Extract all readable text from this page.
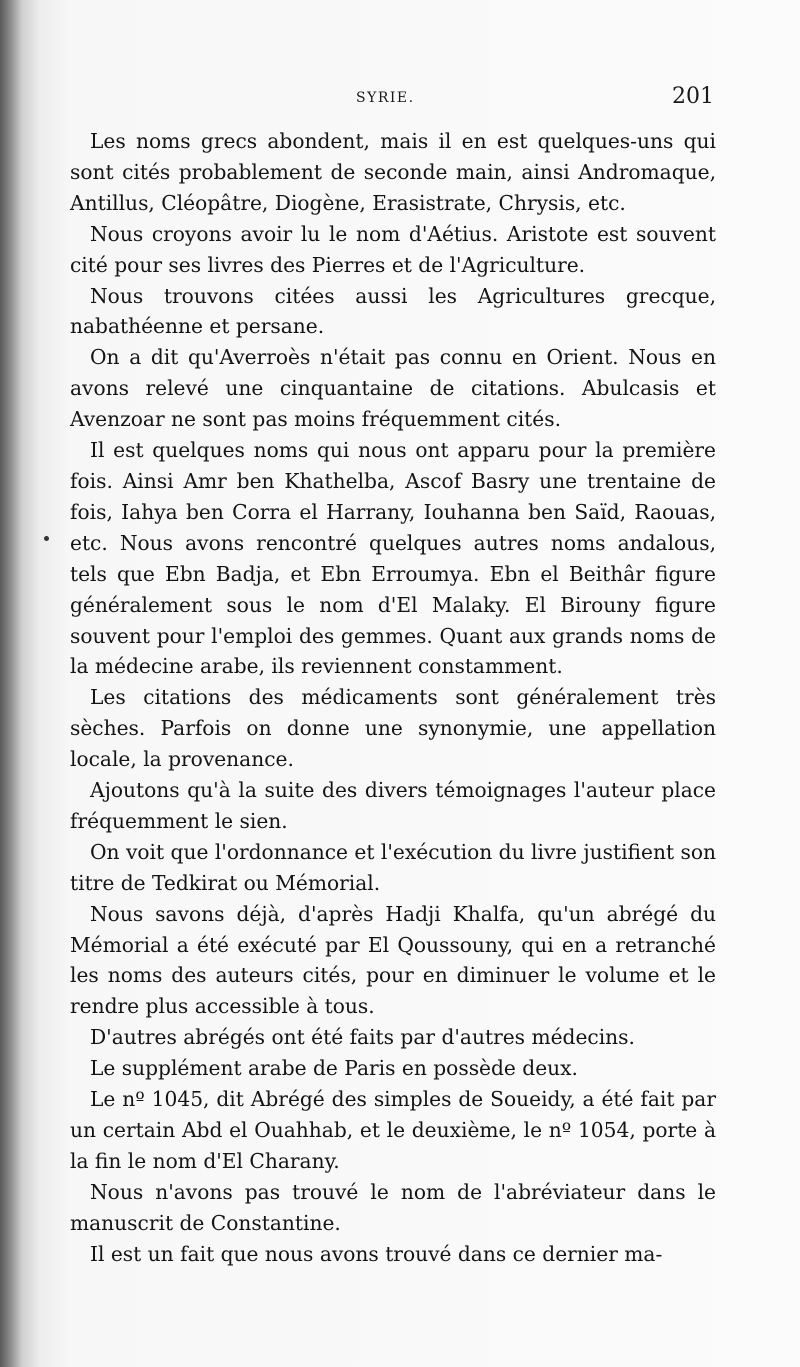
SYRIE.	201

Les noms grecs abondent, mais il en est quelques-uns qui sont cités probablement de seconde main, ainsi Andromaque, Antillus, Cléopâtre, Diogène, Erasistrate, Chrysis, etc.

Nous croyons avoir lu le nom d'Aétius. Aristote est souvent cité pour ses livres des Pierres et de l'Agriculture.

Nous trouvons citées aussi les Agricultures grecque, nabathéenne et persane.

On a dit qu'Averroès n'était pas connu en Orient. Nous en avons relevé une cinquantaine de citations. Abulcasis et Avenzoar ne sont pas moins fréquemment cités.

Il est quelques noms qui nous ont apparu pour la première fois. Ainsi Amr ben Khathelba, Ascof Basry une trentaine de fois, Iahya ben Corra el Harrany, Iouhanna ben Saïd, Raouas, etc. Nous avons rencontré quelques autres noms andalous, tels que Ebn Badja, et Ebn Erroumya. Ebn el Beithâr figure généralement sous le nom d'El Malaky. El Birouny figure souvent pour l'emploi des gemmes. Quant aux grands noms de la médecine arabe, ils reviennent constamment.

Les citations des médicaments sont généralement très sèches. Parfois on donne une synonymie, une appellation locale, la provenance.

Ajoutons qu'à la suite des divers témoignages l'auteur place fréquemment le sien.

On voit que l'ordonnance et l'exécution du livre justifient son titre de Tedkirat ou Mémorial.

Nous savons déjà, d'après Hadji Khalfa, qu'un abrégé du Mémorial a été exécuté par El Qoussouny, qui en a retranché les noms des auteurs cités, pour en diminuer le volume et le rendre plus accessible à tous.

D'autres abrégés ont été faits par d'autres médecins.

Le supplément arabe de Paris en possède deux.

Le nº 1045, dit Abrégé des simples de Soueidy, a été fait par un certain Abd el Ouahhab, et le deuxième, le nº 1054, porte à la fin le nom d'El Charany.

Nous n'avons pas trouvé le nom de l'abréviateur dans le manuscrit de Constantine.

Il est un fait que nous avons trouvé dans ce dernier ma-
